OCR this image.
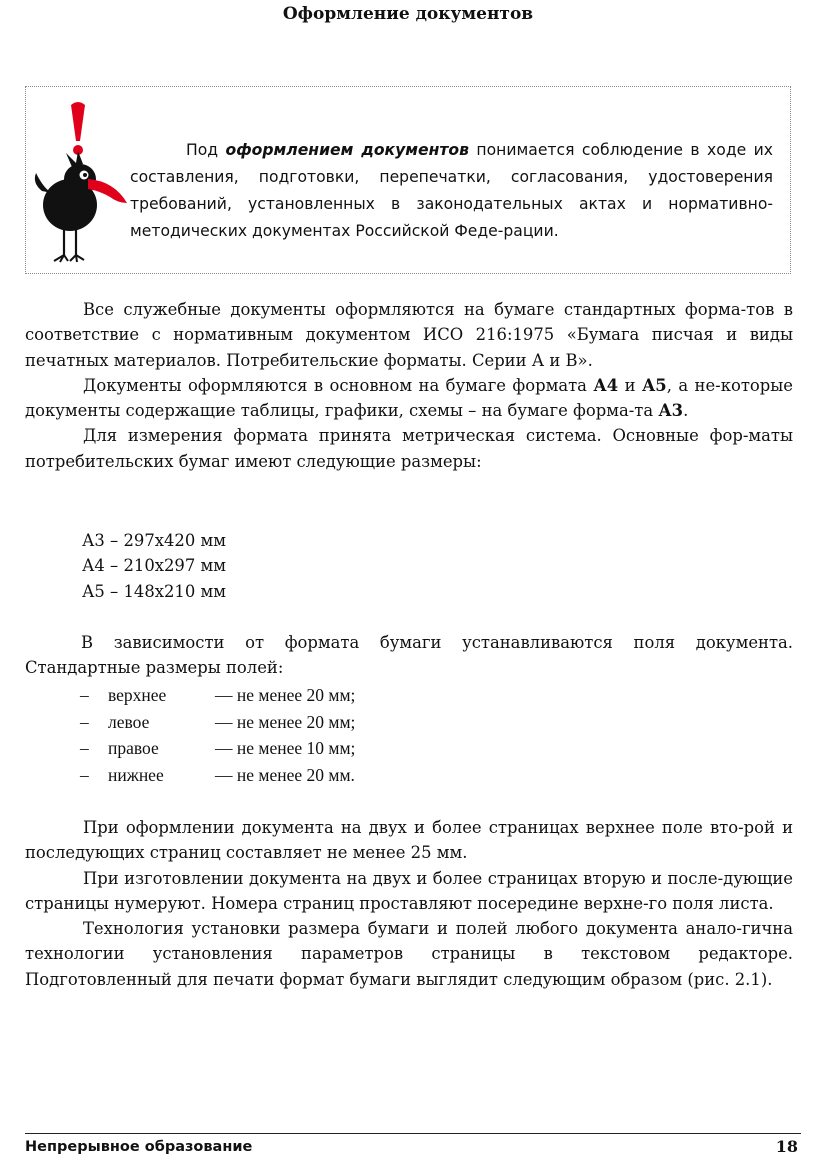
Оформление документов
Под оформлением документов понимается соблюдение в ходе их составления, подготовки, перепечатки, согласования, удостоверения требований, установленных в законодательных актах и нормативно-методических документах Российской Феде-рации.

Все служебные документы оформляются на бумаге стандартных форма-тов в соответствие с нормативным документом ИСО 216:1975 «Бумага писчая и виды печатных материалов. Потребительские форматы. Серии А и В».

Документы оформляются в основном на бумаге формата А4 и А5, а не-которые документы содержащие таблицы, графики, схемы – на бумаге форма-та А3.

Для измерения формата принята метрическая система. Основные фор-маты потребительских бумаг имеют следующие размеры:

А3 – 297х420 мм
А4 – 210х297 мм
А5 – 148х210 мм

В зависимости от формата бумаги устанавливаются поля документа.

Стандартные размеры полей:

– верхнее	— не менее 20 мм;
– левое	— не менее 20 мм;
– правое	— не менее 10 мм;
– нижнее	— не менее 20 мм.

При оформлении документа на двух и более страницах верхнее поле вто-рой и последующих страниц составляет не менее 25 мм.

При изготовлении документа на двух и более страницах вторую и после-дующие страницы нумеруют. Номера страниц проставляют посередине верхне-го поля листа.

Технология установки размера бумаги и полей любого документа анало-гична технологии установления параметров страницы в текстовом редакторе. Подготовленный для печати формат бумаги выглядит следующим образом (рис. 2.1).

Непрерывное образование	18
